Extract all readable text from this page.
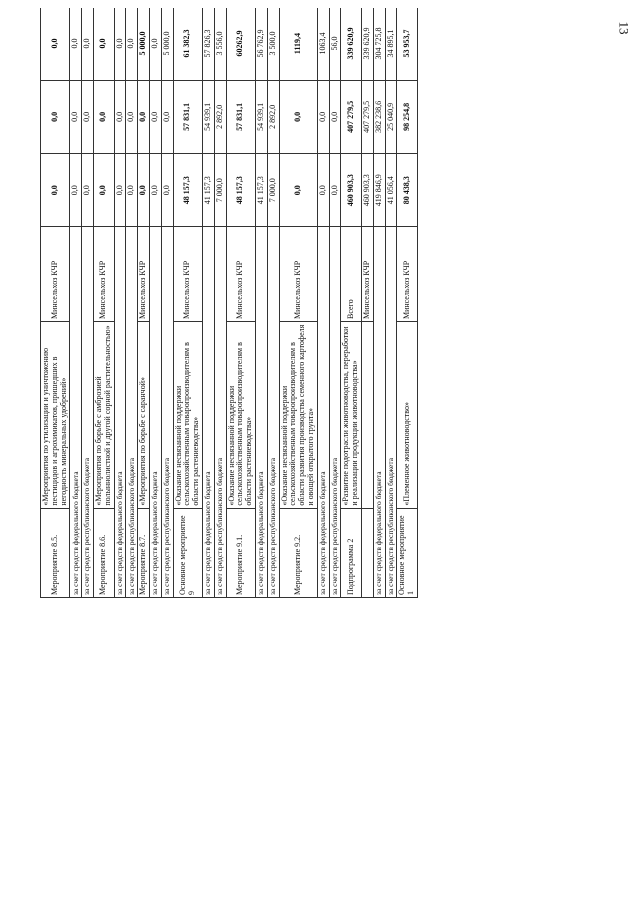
13
Мероприятие 8.5.	«Мероприятия по утилизации и уничтожению пестицидов и агрохимикатов, пришедших в негодность минеральных удобрений»	Минсельхоз КЧР	0,0	0,0	0,0				
за счет средств федерального бюджета			0,0	0,0	0,0				
за счет средств республиканского бюджета			0,0	0,0	0,0				
Мероприятие 8.6.	«Мероприятия по борьбе с амброзией полыннолистной и другой сорной растительностью»	Минсельхоз КЧР	0,0	0,0	0,0				
за счет средств федерального бюджета			0,0	0,0	0,0				
за счет средств республиканского бюджета			0,0	0,0	0,0				
Мероприятие 8.7.	«Мероприятия по борьбе с саранчой»	Минсельхоз КЧР	0,0	0,0	5 000,0				
за счет средств федерального бюджета			0,0	0,0	0,0				
за счет средств республиканского бюджета			0,0	0,0	5 000,0				
Основное мероприятие 9	«Оказание несвязанной поддержки сельскохозяйственным товаропроизводителям в области растениеводства»	Минсельхоз КЧР	48 157,3	57 831,1	61 382,3				
за счет средств федерального бюджета			41 157,3	54 939,1	57 826,3				
за счет средств республиканского бюджета			7 000,0	2 892,0	3 556,0				
Мероприятие 9.1.	«Оказание несвязанной поддержки сельскохозяйственным товаропроизводителям в области растениеводства»	Минсельхоз КЧР	48 157,3	57 831,1	60262,9				
за счет средств федерального бюджета			41 157,3	54 939,1	56 762,9				
за счет средств республиканского бюджета			7 000,0	2 892,0	3 500,0				
Мероприятие 9.2.	«Оказание несвязанной поддержки сельскохозяйственным товаропроизводителям в области развития производства семенного картофеля и овощей открытого грунта»	Минсельхоз КЧР	0,0	0,0	1119,4				
за счет средств федерального бюджета			0,0	0,0	1063,4				
за счет средств республиканского бюджета			0,0	0,0	56,0				
Подпрограмма 2	«Развитие подотрасли животноводства, переработки и реализации продукции животноводства»	Всего	460 903,3	407 279,5	339 620,9				
		Минсельхоз КЧР	460 903,3	407 279,5	339 620,9				
за счет средств федерального бюджета			419 846,9	382 238,6	304 725,8				
за счет средств республиканского бюджета			41 056,4	25 040,9	34 895,1				
Основное мероприятие 1	«Племенное животноводство»	Минсельхоз КЧР	80 438,3	98 254,8	53 953,7				
